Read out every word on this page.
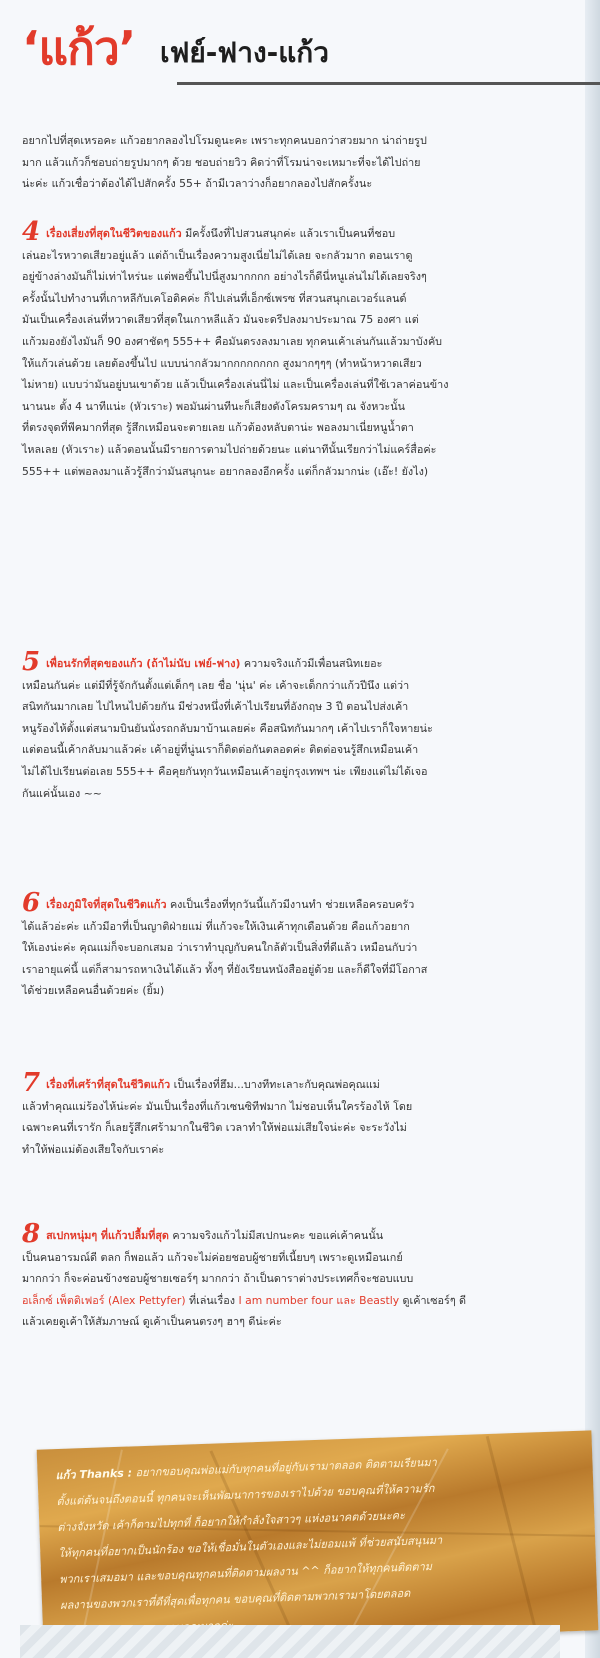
‘แก้ว’ เฟย์-ฟาง-แก้ว

อยากไปที่สุดเหรอคะ แก้วอยากลองไปโรมดูนะคะ เพราะทุกคนบอกว่าสวยมาก น่าถ่ายรูป

มาก แล้วแก้วก็ชอบถ่ายรูปมากๆ ด้วย ชอบถ่ายวิว คิดว่าที่โรมน่าจะเหมาะที่จะได้ไปถ่าย

น่ะค่ะ แก้วเชื่อว่าต้องได้ไปสักครั้ง 55+ ถ้ามีเวลาว่างก็อยากลองไปสักครั้งนะ

4 เรื่องเสี่ยงที่สุดในชีวิตของแก้ว มีครั้งนึงที่ไปสวนสนุกค่ะ แล้วเราเป็นคนที่ชอบ
เล่นอะไรหวาดเสียวอยู่แล้ว แต่ถ้าเป็นเรื่องความสูงเนี่ยไม่ได้เลย จะกลัวมาก ตอนเราดู
อยู่ข้างล่างมันก็ไม่เท่าไหร่นะ แต่พอขึ้นไปนี่สูงมากกกก อย่างไรก็ดีนี่หนูเล่นไม่ได้เลยจริงๆ
ครั้งนั้นไปทำงานที่เกาหลีกับเคโอติคค่ะ ก็ไปเล่นที่เอ็กซ์เพรซ ที่สวนสนุกเอเวอร์แลนด์
มันเป็นเครื่องเล่นที่หวาดเสียวที่สุดในเกาหลีแล้ว มันจะดรีปลงมาประมาณ 75 องศา แต่
แก้วมองยังไงมันก็ 90 องศาชัดๆ 555++ คือมันตรงลงมาเลย ทุกคนเค้าเล่นกันแล้วมาบังคับ
ให้แก้วเล่นด้วย เลยต้องขึ้นไป แบบน่ากลัวมากกกกกกกก สูงมากๆๆๆ (ทำหน้าหวาดเสียว
ไม่หาย) แบบว่ามันอยู่บนเขาด้วย แล้วเป็นเครื่องเล่นนี่ไม่ และเป็นเครื่องเล่นที่ใช้เวลาค่อนข้าง
นานนะ ตั้ง 4 นาทีแน่ะ (หัวเราะ) พอมันผ่านทีนะก็เสียงดังโครมครามๆ ณ จังหวะนั้น
ที่ตรงจุดที่พีคมากที่สุด รู้สึกเหมือนจะตายเลย แก้วต้องหลับตาน่ะ พอลงมาเนี่ยหนูน้ำตา
ไหลเลย (หัวเราะ) แล้วตอนนั้นมีรายการตามไปถ่ายด้วยนะ แต่นาทีนั้นเรียกว่าไม่แคร์สื่อค่ะ
555++ แต่พอลงมาแล้วรู้สึกว่ามันสนุกนะ อยากลองอีกครั้ง แต่ก็กลัวมากน่ะ (เอ๊ะ! ยังไง)
5 เพื่อนรักที่สุดของแก้ว (ถ้าไม่นับ เฟย์-ฟาง) ความจริงแก้วมีเพื่อนสนิทเยอะ
เหมือนกันค่ะ แต่มีที่รู้จักกันตั้งแต่เด็กๆ เลย ชื่อ 'นุ่น' ค่ะ เค้าจะเด็กกว่าแก้วปีนึง แต่ว่า
สนิทกันมากเลย ไปไหนไปด้วยกัน มีช่วงหนึ่งที่เค้าไปเรียนที่อังกฤษ 3 ปี ตอนไปส่งเค้า
หนูร้องไห้ตั้งแต่สนามบินยันนั่งรถกลับมาบ้านเลยค่ะ คือสนิทกันมากๆ เค้าไปเราก็ใจหายน่ะ
แต่ตอนนี้เค้ากลับมาแล้วค่ะ เค้าอยู่ที่นู่นเราก็ติดต่อกันตลอดค่ะ ติดต่อจนรู้สึกเหมือนเค้า
ไม่ได้ไปเรียนต่อเลย 555++ คือคุยกันทุกวันเหมือนเค้าอยู่กรุงเทพฯ น่ะ เพียงแต่ไม่ได้เจอ
กันแค่นั้นเอง ~~
6 เรื่องภูมิใจที่สุดในชีวิตแก้ว คงเป็นเรื่องที่ทุกวันนี้แก้วมีงานทำ ช่วยเหลือครอบครัว
ได้แล้วอ่ะค่ะ แก้วมีอาที่เป็นญาติฝ่ายแม่ ที่แก้วจะให้เงินเค้าทุกเดือนด้วย คือแก้วอยาก
ให้เองน่ะค่ะ คุณแม่ก็จะบอกเสมอ ว่าเราทำบุญกับคนใกล้ตัวเป็นสิ่งที่ดีแล้ว เหมือนกับว่า
เราอายุแค่นี้ แต่ก็สามารถหาเงินได้แล้ว ทั้งๆ ที่ยังเรียนหนังสืออยู่ด้วย และก็ดีใจที่มีโอกาส
ได้ช่วยเหลือคนอื่นด้วยค่ะ (ยิ้ม)
7 เรื่องที่เศร้าที่สุดในชีวิตแก้ว เป็นเรื่องที่ฮึม...บางทีทะเลาะกับคุณพ่อคุณแม่
แล้วทำคุณแม่ร้องไห้น่ะค่ะ มันเป็นเรื่องที่แก้วเซนซิทีฟมาก ไม่ชอบเห็นใครร้องไห้ โดย
เฉพาะคนที่เรารัก ก็เลยรู้สึกเศร้ามากในชีวิต เวลาทำให้พ่อแม่เสียใจน่ะค่ะ จะระวังไม่
ทำให้พ่อแม่ต้องเสียใจกับเราค่ะ
8 สเปกหนุ่มๆ ที่แก้วปลื้มที่สุด ความจริงแก้วไม่มีสเปกนะคะ ขอแค่เค้าคนนั้น
เป็นคนอารมณ์ดี ตลก ก็พอแล้ว แก้วจะไม่ค่อยชอบผู้ชายที่เนี้ยบๆ เพราะดูเหมือนเกย์
มากกว่า ก็จะค่อนข้างชอบผู้ชายเซอร์ๆ มากกว่า ถ้าเป็นดาราต่างประเทศก็จะชอบแบบ
อเล็กซ์ เพ็ตติเฟอร์ (Alex Pettyfer) ที่เล่นเรื่อง I am number four และ Beastly ดูเค้าเซอร์ๆ ดี
แล้วเคยดูเค้าให้สัมภาษณ์ ดูเค้าเป็นคนตรงๆ ฮาๆ ดีน่ะค่ะ
แก้ว Thanks : อยากขอบคุณพ่อแม่กับทุกคนที่อยู่กับเรามาตลอด ติดตามเรียนมา
ตั้งแต่ต้นจนถึงตอนนี้ ทุกคนจะเห็นพัฒนาการของเราไปด้วย ขอบคุณที่ให้ความรัก
ต่างจังหวัด เค้าก็ตามไปทุกที่ ก็อยากให้กำลังใจสาวๆ แห่งอนาคตด้วยนะคะ
ให้ทุกคนที่อยากเป็นนักร้อง ขอให้เชื่อมั่นในตัวเองและไม่ยอมแพ้ ที่ช่วยสนับสนุนมา
พวกเราเสมอมา และขอบคุณทุกคนที่ติดตามผลงาน ^^ ก็อยากให้ทุกคนติดตาม
ผลงานของพวกเราที่ดีที่สุดเพื่อทุกคน ขอบคุณที่ติดตามพวกเรามาโดยตลอด
